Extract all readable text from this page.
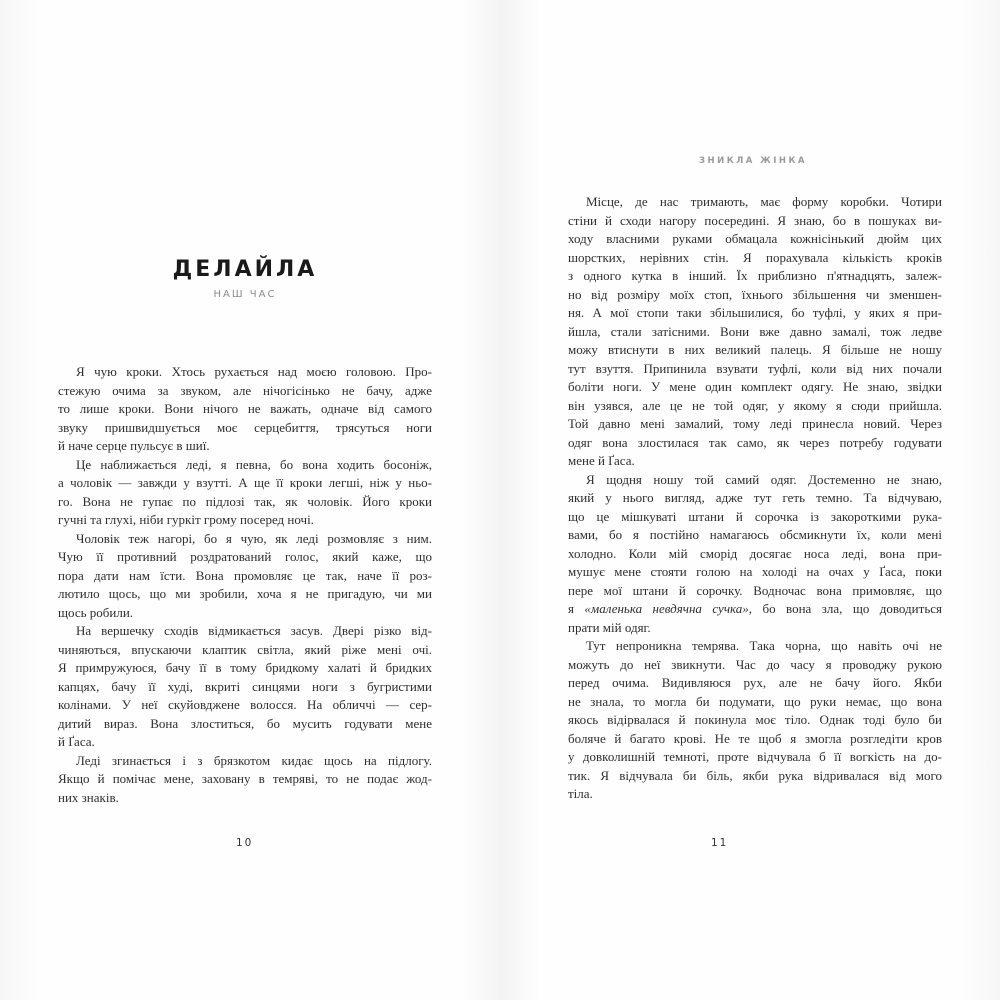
ДЕЛАЙЛА
НАШ ЧАС
Я чую кроки. Хтось рухається над моєю головою. Про-
стежую очима за звуком, але нічогісінько не бачу, адже
то лише кроки. Вони нічого не важать, одначе від самого
звуку пришвидшується моє серцебиття, трясуться ноги
й наче серце пульсує в шиї.
Це наближається леді, я певна, бо вона ходить босоніж,
а чоловік — завжди у взутті. А ще її кроки легші, ніж у ньо-
го. Вона не гупає по підлозі так, як чоловік. Його кроки
гучні та глухі, ніби гуркіт грому посеред ночі.
Чоловік теж нагорі, бо я чую, як леді розмовляє з ним.
Чую її противний роздратований голос, який каже, що
пора дати нам їсти. Вона промовляє це так, наче її роз-
лютило щось, що ми зробили, хоча я не пригадую, чи ми
щось робили.
На вершечку сходів відмикається засув. Двері різко від-
чиняються, впускаючи клаптик світла, який ріже мені очі.
Я примружуюся, бачу її в тому бридкому халаті й бридких
капцях, бачу її худі, вкриті синцями ноги з бугристими
колінами. У неї скуйовджене волосся. На обличчі — сер-
дитий вираз. Вона злоститься, бо мусить годувати мене
й Ґаса.
Леді згинається і з брязкотом кидає щось на підлогу.
Якщо й помічає мене, заховану в темряві, то не подає жод-
них знаків.
10
ЗНИКЛА ЖІНКА
Місце, де нас тримають, має форму коробки. Чотири
стіни й сходи нагору посередині. Я знаю, бо в пошуках ви-
ходу власними руками обмацала кожнісінький дюйм цих
шорстких, нерівних стін. Я порахувала кількість кроків
з одного кутка в інший. Їх приблизно п'ятнадцять, залеж-
но від розміру моїх стоп, їхнього збільшення чи зменшен-
ня. А мої стопи таки збільшилися, бо туфлі, у яких я при-
йшла, стали затісними. Вони вже давно замалі, тож ледве
можу втиснути в них великий палець. Я більше не ношу
тут взуття. Припинила взувати туфлі, коли від них почали
боліти ноги. У мене один комплект одягу. Не знаю, звідки
він узявся, але це не той одяг, у якому я сюди прийшла.
Той давно мені замалий, тому леді принесла новий. Через
одяг вона злостилася так само, як через потребу годувати
мене й Ґаса.
Я щодня ношу той самий одяг. Достеменно не знаю,
який у нього вигляд, адже тут геть темно. Та відчуваю,
що це мішкуваті штани й сорочка із закороткими рука-
вами, бо я постійно намагаюсь обсмикнути їх, коли мені
холодно. Коли мій сморід досягає носа леді, вона при-
мушує мене стояти голою на холоді на очах у Ґаса, поки
пере мої штани й сорочку. Водночас вона примовляє, що
я «маленька невдячна сучка», бо вона зла, що доводиться
прати мій одяг.
Тут непроникна темрява. Така чорна, що навіть очі не
можуть до неї звикнути. Час до часу я проводжу рукою
перед очима. Видивляюся рух, але не бачу його. Якби
не знала, то могла би подумати, що руки немає, що вона
якось відірвалася й покинула моє тіло. Однак тоді було би
боляче й багато крові. Не те щоб я змогла розгледіти кров
у довколишній темноті, проте відчувала б її вогкість на до-
тик. Я відчувала би біль, якби рука відривалася від мого
тіла.
11
